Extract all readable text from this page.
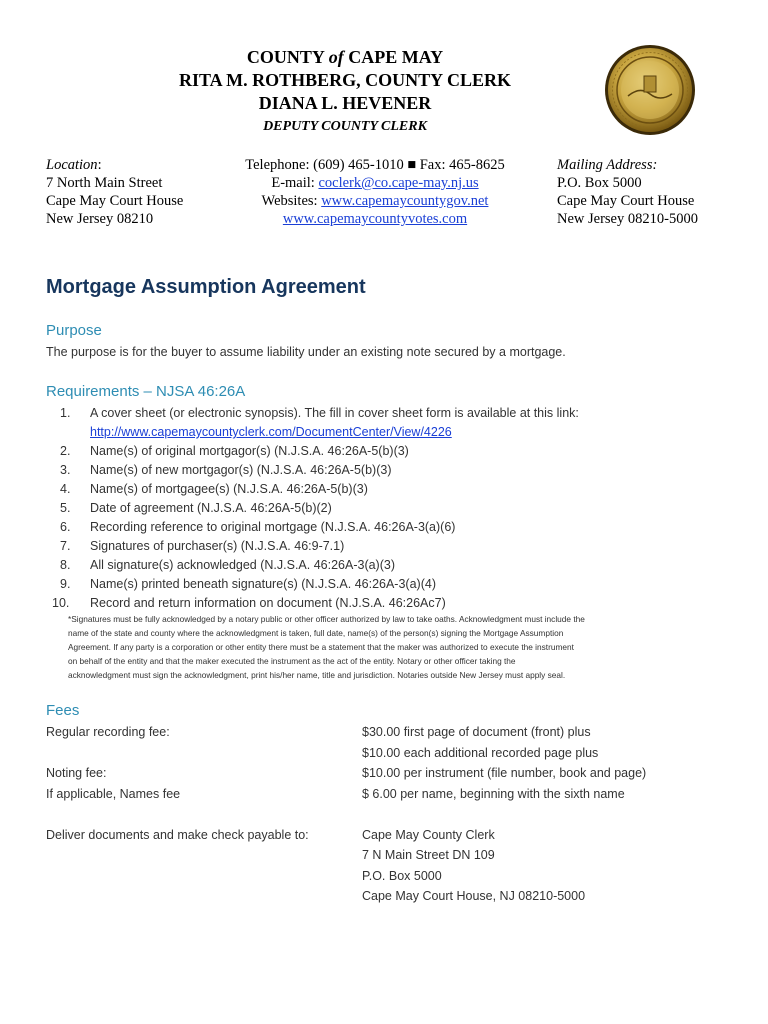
COUNTY of CAPE MAY
RITA M. ROTHBERG, COUNTY CLERK
DIANA L. HEVENER
DEPUTY COUNTY CLERK
Location:
7 North Main Street
Cape May Court House
New Jersey 08210
Telephone: (609) 465-1010 ■ Fax: 465-8625
E-mail: coclerk@co.cape-may.nj.us
Websites: www.capemaycountygov.net
www.capemaycountyvotes.com
Mailing Address:
P.O. Box 5000
Cape May Court House
New Jersey 08210-5000
Mortgage Assumption Agreement
Purpose
The purpose is for the buyer to assume liability under an existing note secured by a mortgage.
Requirements – NJSA 46:26A
1.	A cover sheet (or electronic synopsis). The fill in cover sheet form is available at this link:
http://www.capemaycountyclerk.com/DocumentCenter/View/4226
2.	Name(s) of original mortgagor(s) (N.J.S.A. 46:26A-5(b)(3)
3.	Name(s) of new mortgagor(s) (N.J.S.A. 46:26A-5(b)(3)
4.	Name(s) of mortgagee(s) (N.J.S.A. 46:26A-5(b)(3)
5.	Date of agreement (N.J.S.A. 46:26A-5(b)(2)
6.	Recording reference to original mortgage (N.J.S.A. 46:26A-3(a)(6)
7.	Signatures of purchaser(s) (N.J.S.A. 46:9-7.1)
8.	All signature(s) acknowledged (N.J.S.A. 46:26A-3(a)(3)
9.	Name(s) printed beneath signature(s) (N.J.S.A. 46:26A-3(a)(4)
10.	Record and return information on document (N.J.S.A. 46:26Ac7)
*Signatures must be fully acknowledged by a notary public or other officer authorized by law to take oaths. Acknowledgment must include the
name of the state and county where the acknowledgment is taken, full date, name(s) of the person(s) signing the Mortgage Assumption
Agreement. If any party is a corporation or other entity there must be a statement that the maker was authorized to execute the instrument
on behalf of the entity and that the maker executed the instrument as the act of the entity. Notary or other officer taking the
acknowledgment must sign the acknowledgment, print his/her name, title and jurisdiction. Notaries outside New Jersey must apply seal.
Fees
Regular recording fee:	$30.00 first page of document (front) plus
$10.00 each additional recorded page plus
Noting fee:	$10.00 per instrument (file number, book and page)
If applicable, Names fee	$ 6.00 per name, beginning with the sixth name
Deliver documents and make check payable to:	Cape May County Clerk
7 N Main Street DN 109
P.O. Box 5000
Cape May Court House, NJ 08210-5000
